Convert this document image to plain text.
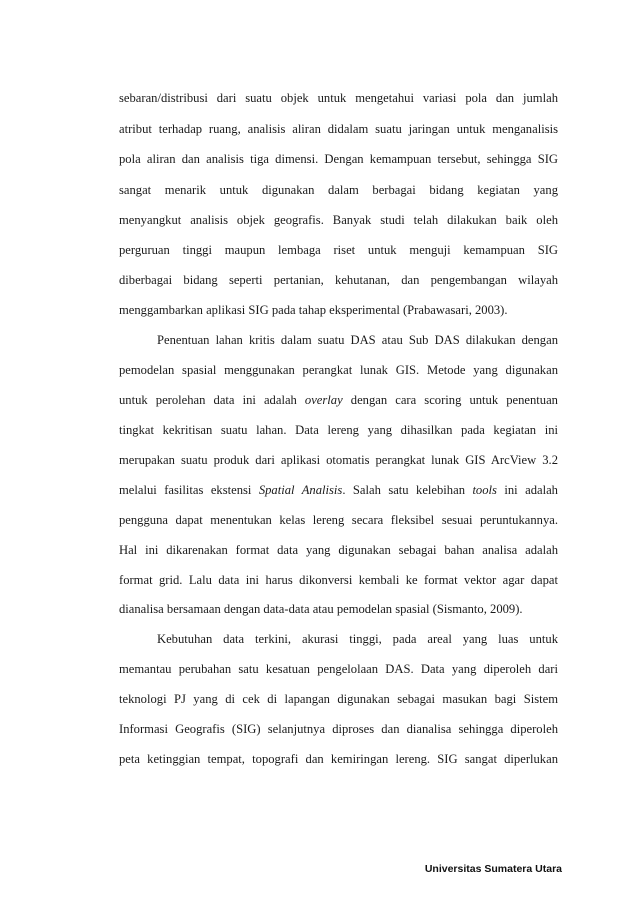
sebaran/distribusi dari suatu objek untuk mengetahui variasi pola dan jumlah
atribut terhadap ruang, analisis aliran didalam suatu jaringan untuk menganalisis
pola aliran dan analisis tiga dimensi. Dengan kemampuan tersebut, sehingga SIG
sangat menarik untuk digunakan dalam berbagai bidang kegiatan yang
menyangkut analisis objek geografis. Banyak studi telah dilakukan baik oleh
perguruan tinggi maupun lembaga riset untuk menguji kemampuan SIG
diberbagai bidang seperti pertanian, kehutanan, dan pengembangan wilayah
menggambarkan aplikasi SIG pada tahap eksperimental (Prabawasari, 2003).
Penentuan lahan kritis dalam suatu DAS atau Sub DAS dilakukan dengan
pemodelan spasial menggunakan perangkat lunak GIS. Metode yang digunakan
untuk perolehan data ini adalah overlay dengan cara scoring untuk penentuan
tingkat kekritisan suatu lahan. Data lereng yang dihasilkan pada kegiatan ini
merupakan suatu produk dari aplikasi otomatis perangkat lunak GIS ArcView 3.2
melalui fasilitas ekstensi Spatial Analisis. Salah satu kelebihan tools ini adalah
pengguna dapat menentukan kelas lereng secara fleksibel sesuai peruntukannya.
Hal ini dikarenakan format data yang digunakan sebagai bahan analisa adalah
format grid. Lalu data ini harus dikonversi kembali ke format vektor agar dapat
dianalisa bersamaan dengan data-data atau pemodelan spasial (Sismanto, 2009).
Kebutuhan data terkini, akurasi tinggi, pada areal yang luas untuk
memantau perubahan satu kesatuan pengelolaan DAS. Data yang diperoleh dari
teknologi PJ yang di cek di lapangan digunakan sebagai masukan bagi Sistem
Informasi Geografis (SIG) selanjutnya diproses dan dianalisa sehingga diperoleh
peta ketinggian tempat, topografi dan kemiringan lereng. SIG sangat diperlukan
Universitas Sumatera Utara
